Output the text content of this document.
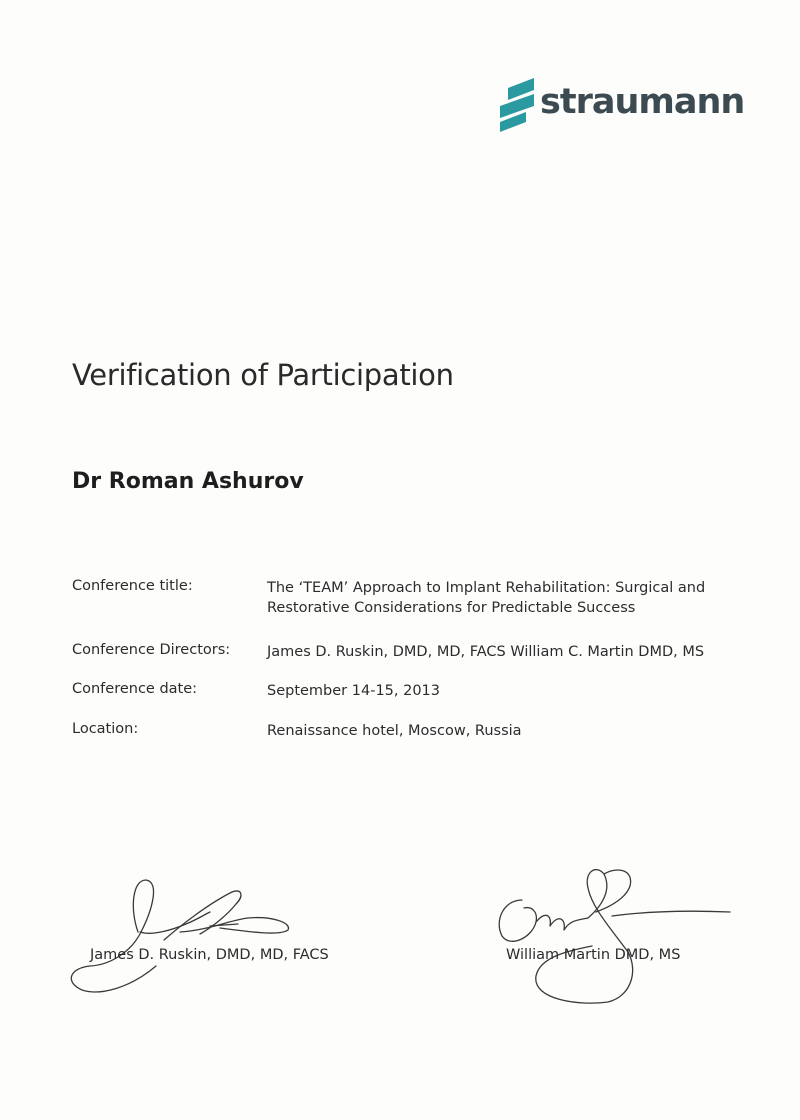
straumann
Verification of Participation
Dr Roman Ashurov
Conference title:	The ‘TEAM’ Approach to Implant Rehabilitation: Surgical and
Restorative Considerations for Predictable Success
Conference Directors:	James D. Ruskin, DMD, MD, FACS William C. Martin DMD, MS
Conference date:	September 14-15, 2013
Location:	Renaissance hotel, Moscow, Russia
James D. Ruskin, DMD, MD, FACS	William Martin DMD, MS
